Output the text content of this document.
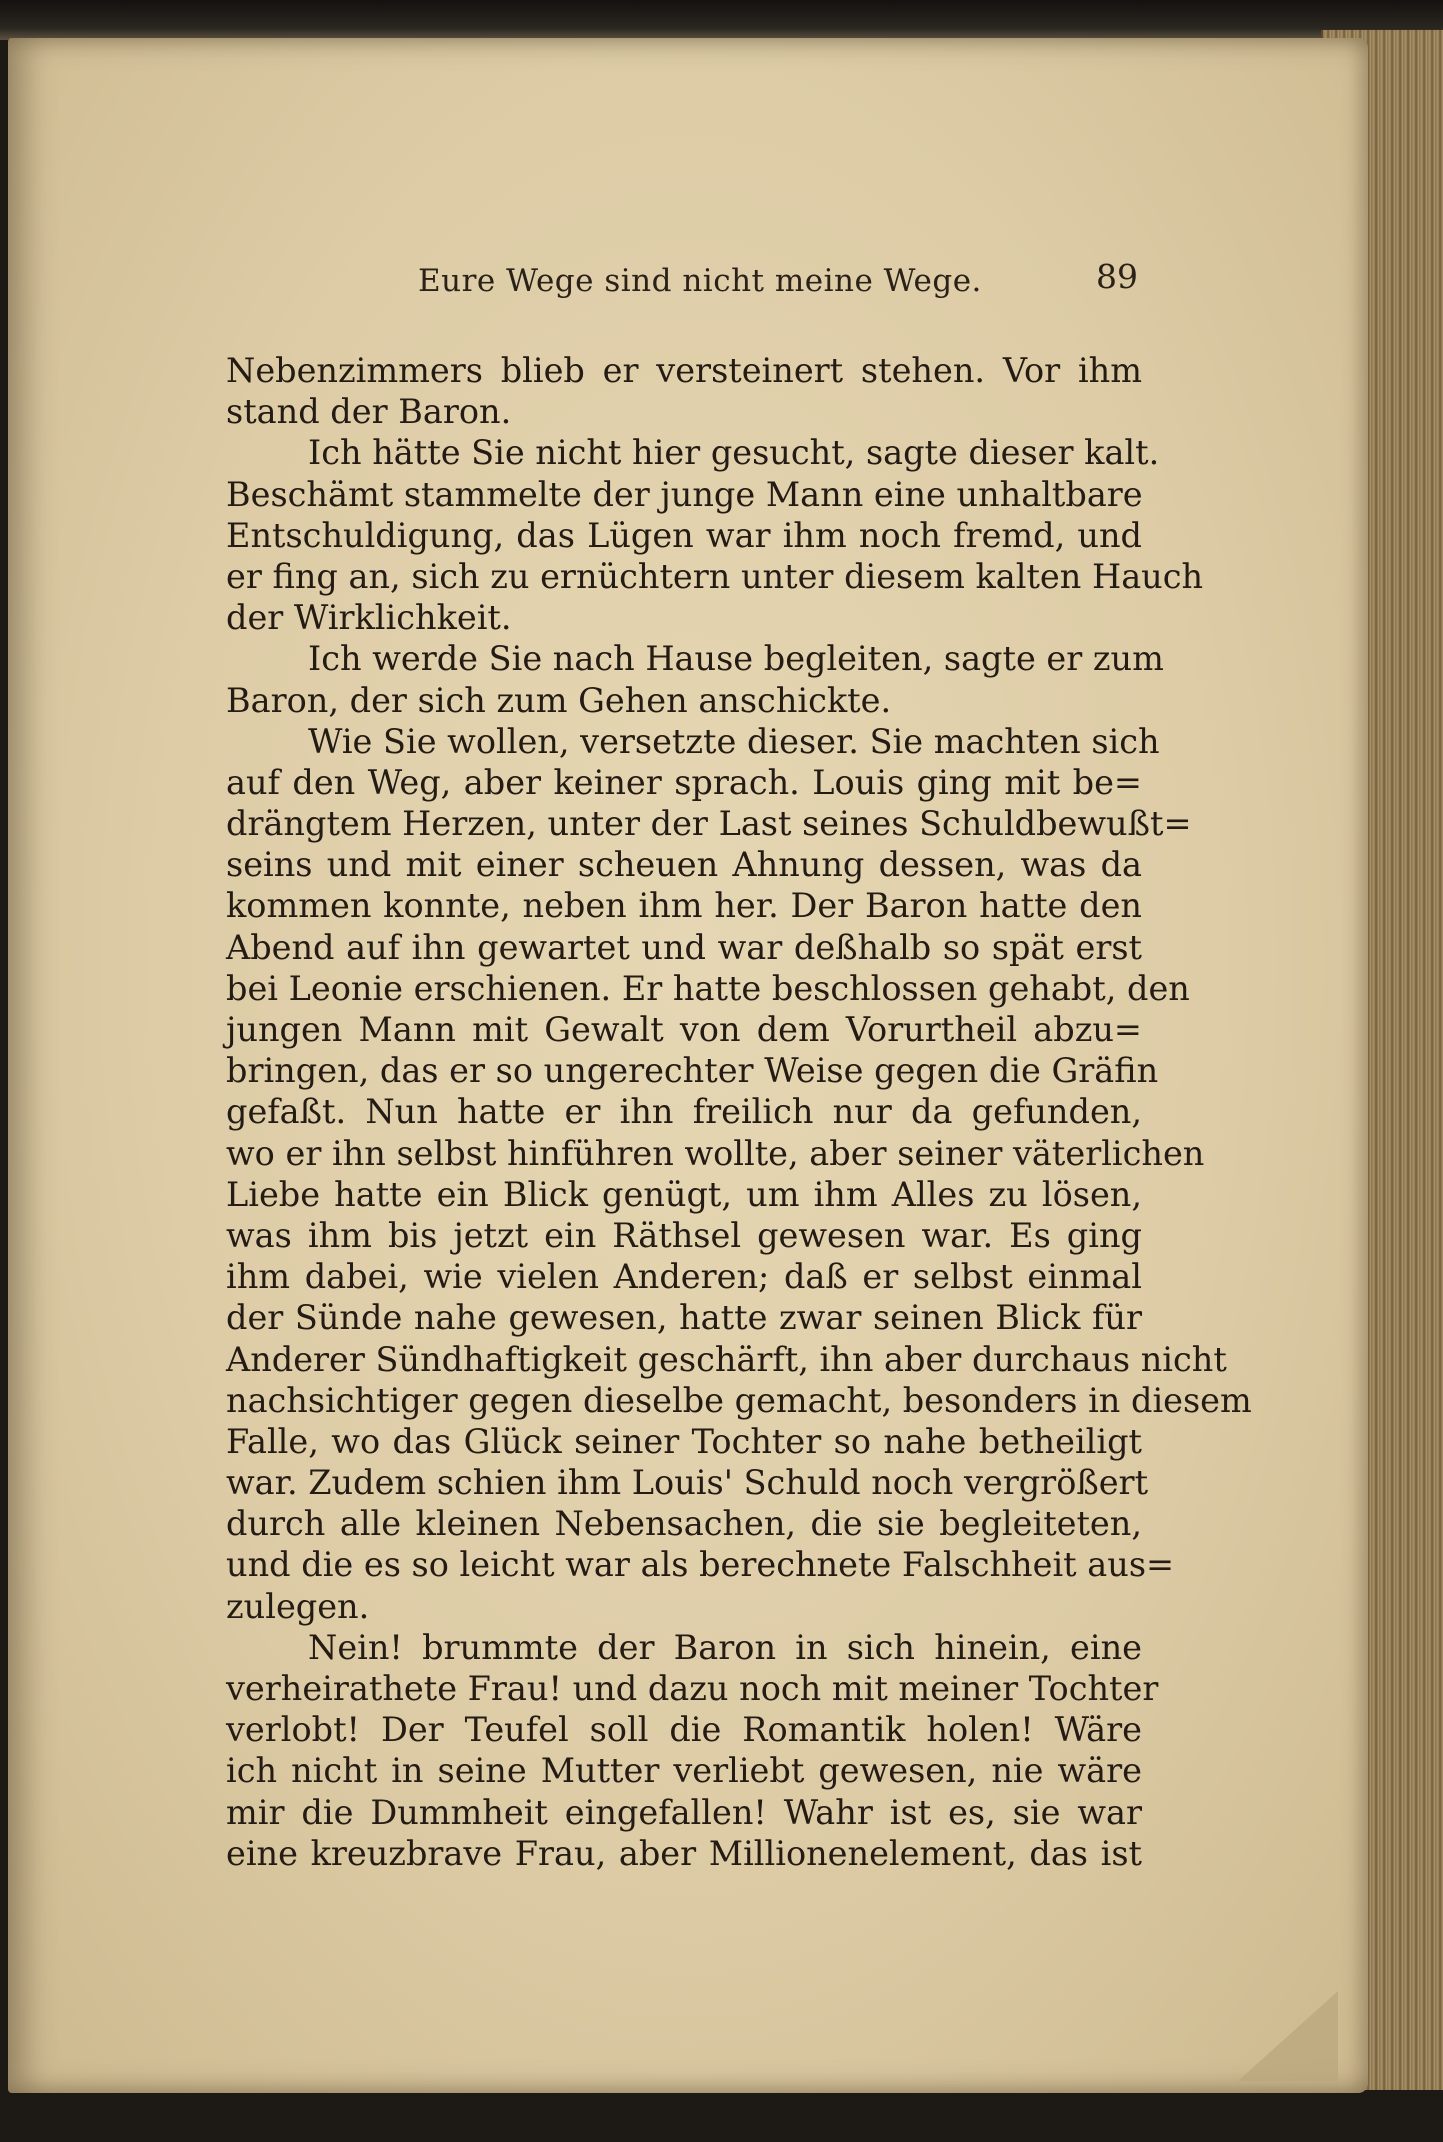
Eure Wege sind nicht meine Wege.	89
Nebenzimmers blieb er versteinert stehen. Vor ihm
stand der Baron.
Ich hätte Sie nicht hier gesucht, sagte dieser kalt.
Beschämt stammelte der junge Mann eine unhaltbare
Entschuldigung, das Lügen war ihm noch fremd, und
er fing an, sich zu ernüchtern unter diesem kalten Hauch
der Wirklichkeit.
Ich werde Sie nach Hause begleiten, sagte er zum
Baron, der sich zum Gehen anschickte.
Wie Sie wollen, versetzte dieser. Sie machten sich
auf den Weg, aber keiner sprach. Louis ging mit be=
drängtem Herzen, unter der Last seines Schuldbewußt=
seins und mit einer scheuen Ahnung dessen, was da
kommen konnte, neben ihm her. Der Baron hatte den
Abend auf ihn gewartet und war deßhalb so spät erst
bei Leonie erschienen. Er hatte beschlossen gehabt, den
jungen Mann mit Gewalt von dem Vorurtheil abzu=
bringen, das er so ungerechter Weise gegen die Gräfin
gefaßt. Nun hatte er ihn freilich nur da gefunden,
wo er ihn selbst hinführen wollte, aber seiner väterlichen
Liebe hatte ein Blick genügt, um ihm Alles zu lösen,
was ihm bis jetzt ein Räthsel gewesen war. Es ging
ihm dabei, wie vielen Anderen; daß er selbst einmal
der Sünde nahe gewesen, hatte zwar seinen Blick für
Anderer Sündhaftigkeit geschärft, ihn aber durchaus nicht
nachsichtiger gegen dieselbe gemacht, besonders in diesem
Falle, wo das Glück seiner Tochter so nahe betheiligt
war. Zudem schien ihm Louis' Schuld noch vergrößert
durch alle kleinen Nebensachen, die sie begleiteten,
und die es so leicht war als berechnete Falschheit aus=
zulegen.
Nein! brummte der Baron in sich hinein, eine
verheirathete Frau! und dazu noch mit meiner Tochter
verlobt! Der Teufel soll die Romantik holen! Wäre
ich nicht in seine Mutter verliebt gewesen, nie wäre
mir die Dummheit eingefallen! Wahr ist es, sie war
eine kreuzbrave Frau, aber Millionenelement, das ist
